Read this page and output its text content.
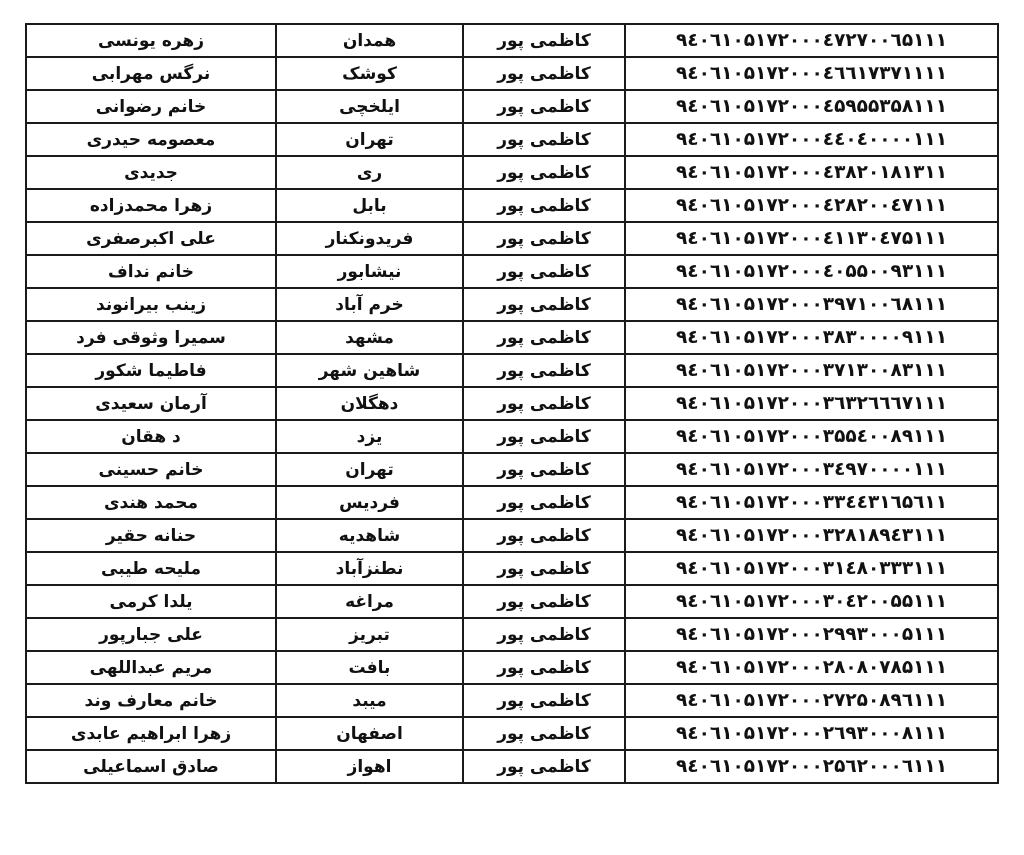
زهره یونسی	همدان	کاظمی پور	۹٤۰٦۱۰۵۱۷۲۰۰۰٤۷۲۷۰۰٦۵۱۱۱
نرگس مهرابی	کوشک	کاظمی پور	۹٤۰٦۱۰۵۱۷۲۰۰۰٤٦٦۱۷۳۷۱۱۱۱
خانم رضوانی	ایلخچی	کاظمی پور	۹٤۰٦۱۰۵۱۷۲۰۰۰٤۵۹۵۵۳۵۸۱۱۱
معصومه حیدری	تهران	کاظمی پور	۹٤۰٦۱۰۵۱۷۲۰۰۰٤٤۰٤۰۰۰۰۱۱۱
جدیدی	ری	کاظمی پور	۹٤۰٦۱۰۵۱۷۲۰۰۰٤۳۸۲۰۱۸۱۳۱۱
زهرا محمدزاده	بابل	کاظمی پور	۹٤۰٦۱۰۵۱۷۲۰۰۰٤۲۸۲۰۰٤۷۱۱۱
علی اکبرصفری	فریدونکنار	کاظمی پور	۹٤۰٦۱۰۵۱۷۲۰۰۰٤۱۱۳۰٤۷۵۱۱۱
خانم نداف	نیشابور	کاظمی پور	۹٤۰٦۱۰۵۱۷۲۰۰۰٤۰۵۵۰۰۹۳۱۱۱
زینب بیرانوند	خرم آباد	کاظمی پور	۹٤۰٦۱۰۵۱۷۲۰۰۰۳۹۷۱۰۰٦۸۱۱۱
سمیرا وثوقی فرد	مشهد	کاظمی پور	۹٤۰٦۱۰۵۱۷۲۰۰۰۳۸۳۰۰۰۰۹۱۱۱
فاطیما شکور	شاهین شهر	کاظمی پور	۹٤۰٦۱۰۵۱۷۲۰۰۰۳۷۱۳۰۰۸۳۱۱۱
آرمان سعیدی	دهگلان	کاظمی پور	۹٤۰٦۱۰۵۱۷۲۰۰۰۳٦۳۲٦٦٦۷۱۱۱
د هقان	یزد	کاظمی پور	۹٤۰٦۱۰۵۱۷۲۰۰۰۳۵۵٤۰۰۸۹۱۱۱
خانم حسینی	تهران	کاظمی پور	۹٤۰٦۱۰۵۱۷۲۰۰۰۳٤۹۷۰۰۰۰۱۱۱
محمد هندی	فردیس	کاظمی پور	۹٤۰٦۱۰۵۱۷۲۰۰۰۳۳٤٤۳۱٦۵٦۱۱
حنانه حقیر	شاهدیه	کاظمی پور	۹٤۰٦۱۰۵۱۷۲۰۰۰۳۲۸۱۸۹٤۳۱۱۱
ملیحه طیبی	نطنزآباد	کاظمی پور	۹٤۰٦۱۰۵۱۷۲۰۰۰۳۱٤۸۰۳۳۳۱۱۱
یلدا کرمی	مراغه	کاظمی پور	۹٤۰٦۱۰۵۱۷۲۰۰۰۳۰٤۲۰۰۵۵۱۱۱
علی جبارپور	تبریز	کاظمی پور	۹٤۰٦۱۰۵۱۷۲۰۰۰۲۹۹۳۰۰۰۵۱۱۱
مریم عبداللهی	بافت	کاظمی پور	۹٤۰٦۱۰۵۱۷۲۰۰۰۲۸۰۸۰۷۸۵۱۱۱
خانم معارف وند	میبد	کاظمی پور	۹٤۰٦۱۰۵۱۷۲۰۰۰۲۷۲۵۰۸۹٦۱۱۱
زهرا ابراهیم عابدی	اصفهان	کاظمی پور	۹٤۰٦۱۰۵۱۷۲۰۰۰۲٦۹۳۰۰۰۸۱۱۱
صادق اسماعیلی	اهواز	کاظمی پور	۹٤۰٦۱۰۵۱۷۲۰۰۰۲۵٦۲۰۰۰٦۱۱۱
